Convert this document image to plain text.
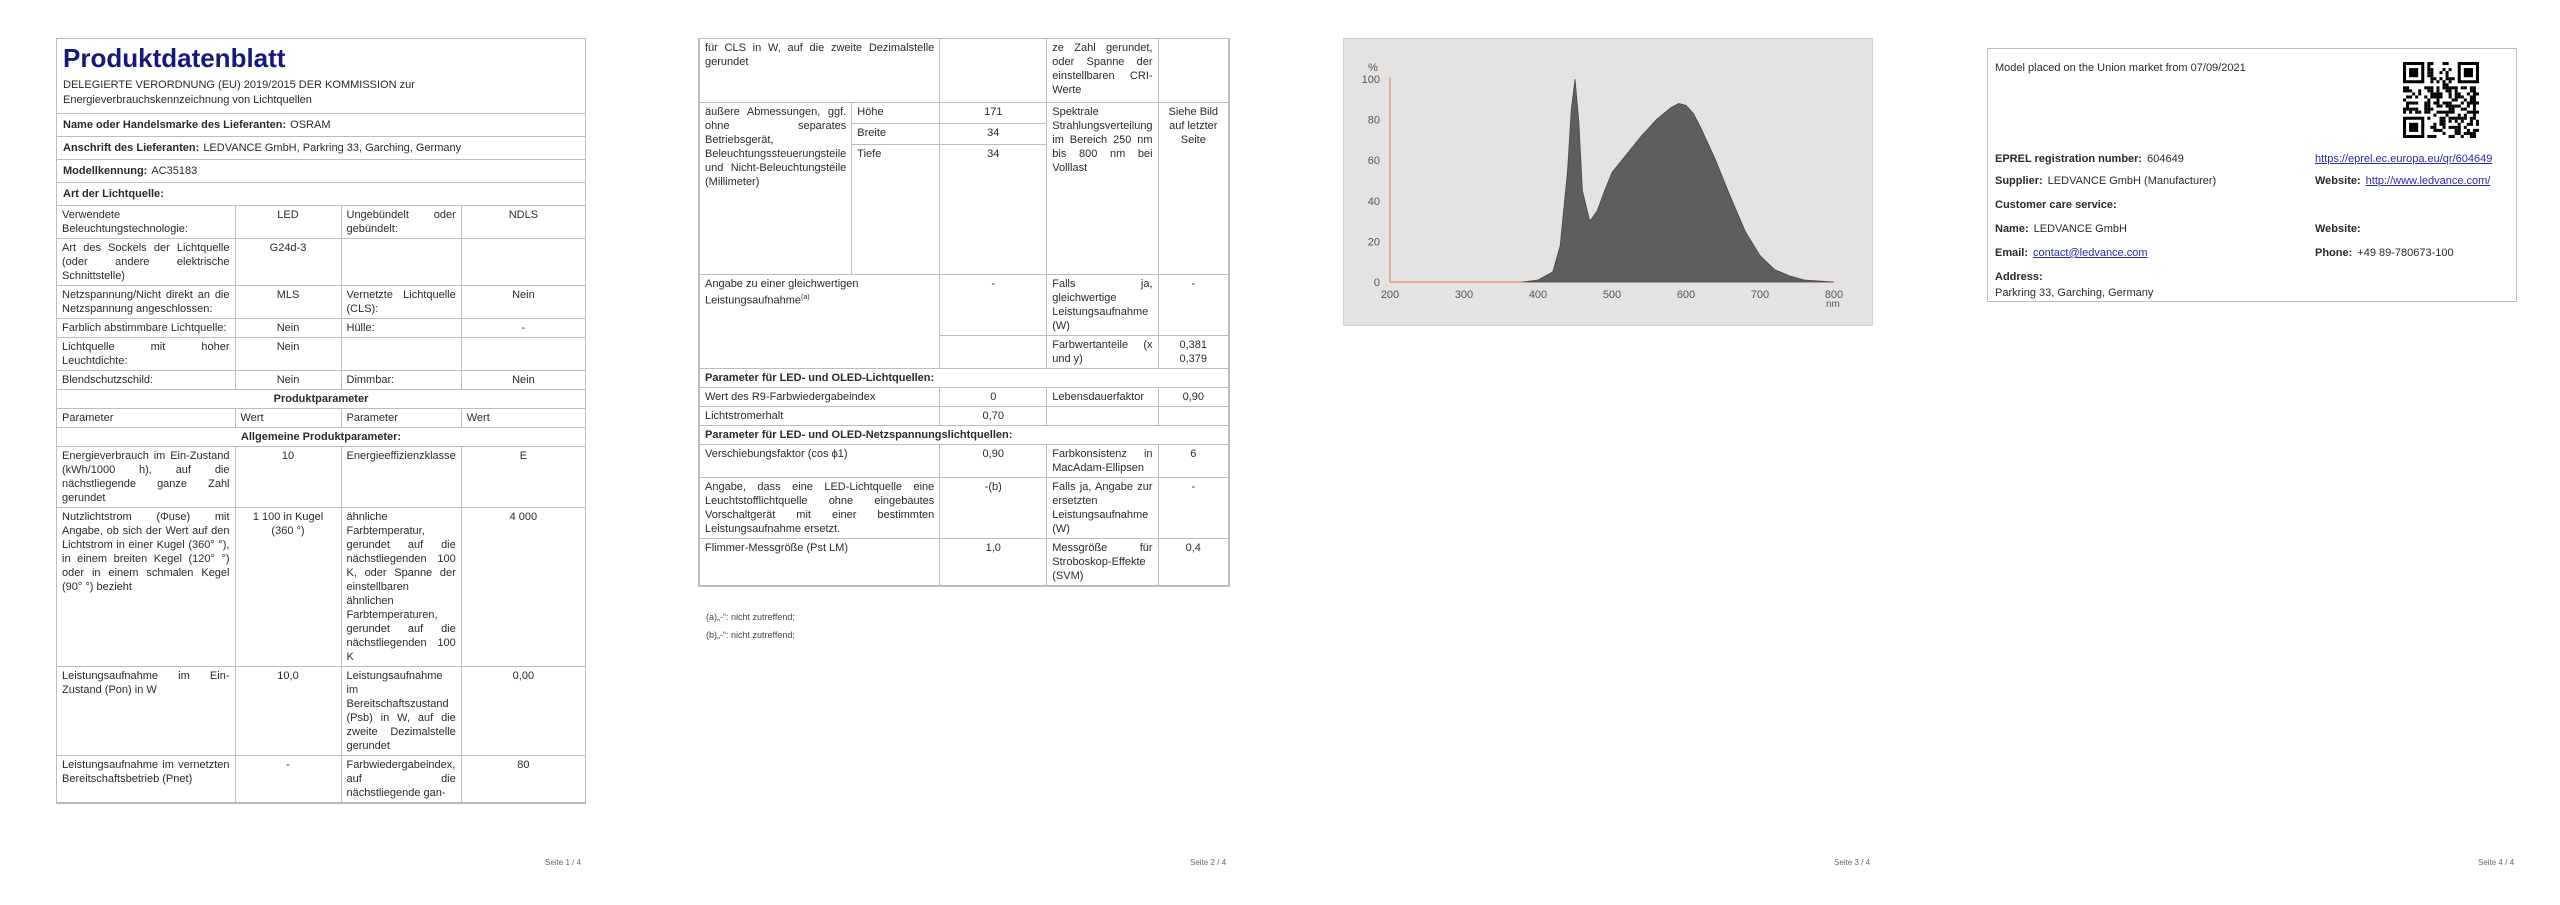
Produktdatenblatt
DELEGIERTE VERORDNUNG (EU) 2019/2015 DER KOMMISSION zur Energieverbrauchskennzeichnung von Lichtquellen
Name oder Handelsmarke des Lieferanten: OSRAM
Anschrift des Lieferanten: LEDVANCE GmbH, Parkring 33, Garching, Germany
Modellkennung: AC35183
Art der Lichtquelle:
Verwendete Beleuchtungstechnologie:	LED	Ungebündelt oder gebündelt:	NDLS
Art des Sockels der Lichtquelle (oder andere elektrische Schnittstelle)	G24d-3		
Netzspannung/Nicht direkt an die Netzspannung angeschlossen:	MLS	Vernetzte Lichtquelle (CLS):	Nein
Farblich abstimmbare Lichtquelle:	Nein	Hülle:	-
Lichtquelle mit hoher Leuchtdichte:	Nein		
Blendschutzschild:	Nein	Dimmbar:	Nein
Produktparameter			
Parameter	Wert	Parameter	Wert
Allgemeine Produktparameter:			
Energieverbrauch im Ein-Zustand (kWh/1000 h), auf die nächstliegende ganze Zahl gerundet	10	Energieeffizienzklasse	E
Nutzlichtstrom (Φuse) mit Angabe, ob sich der Wert auf den Lichtstrom in einer Kugel (360° °), in einem breiten Kegel (120° °) oder in einem schmalen Kegel (90° °) bezieht	1 100 in Kugel (360 °)	ähnliche Farbtemperatur, gerundet auf die nächstliegenden 100 K, oder Spanne der einstellbaren ähnlichen Farbtemperaturen, gerundet auf die nächstliegenden 100 K	4 000
Leistungsaufnahme im Ein-Zustand (Pon) in W	10,0	Leistungsaufnahme im Bereitschaftszustand (Psb) in W, auf die zweite Dezimalstelle gerundet	0,00
Leistungsaufnahme im vernetzten Bereitschaftsbetrieb (Pnet)	-	Farbwiedergabeindex, auf die nächstliegende gan-	80
Seite 1 / 4
für CLS in W, auf die zweite Dezimalstelle gerundet			ze Zahl gerundet, oder Spanne der einstellbaren CRI-Werte	
äußere Abmessungen, ggf. ohne separates Betriebsgerät, Beleuchtungssteuerungsteile und Nicht-Beleuchtungsteile (Millimeter)	Höhe	171	Spektrale Strahlungsverteilung im Bereich 250 nm bis 800 nm bei Volllast	Siehe Bild auf letzter Seite
	Breite	34		
	Tiefe	34		
Angabe zu einer gleichwertigen Leistungsaufnahme$^{(a)}$		-	Falls ja, gleichwertige Leistungsaufnahme (W)	-
			Farbwertanteile (x und y)	0,381 0,379
Parameter für LED- und OLED-Lichtquellen:				
Wert des R9-Farbwiedergabeindex		0	Lebensdauerfaktor	0,90
Lichtstromerhalt		0,70		
Parameter für LED- und OLED-Netzspannungslichtquellen:				
Verschiebungsfaktor (cos ϕ1)		0,90	Farbkonsistenz in MacAdam-Ellipsen	6
Angabe, dass eine LED-Lichtquelle eine Leuchtstofflichtquelle ohne eingebautes Vorschaltgerät mit einer bestimmten Leistungsaufnahme ersetzt.		-(b)	Falls ja, Angabe zur ersetzten Leistungsaufnahme (W)	-
Flimmer-Messgröße (Pst LM)		1,0	Messgröße für Stroboskop-Effekte (SVM)	0,4
(a)„-“: nicht zutreffend;
(b)„-“: nicht zutreffend;
Seite 2 / 4
0
20
40
60
80
100
200	300	400	500	600	700	800
%
nm
Seite 3 / 4
Model placed on the Union market from 07/09/2021
EPREL registration number: 604649	https://eprel.ec.europa.eu/qr/604649
Supplier: LEDVANCE GmbH (Manufacturer)	Website: http://www.ledvance.com/
Customer care service:
Name: LEDVANCE GmbH	Website:
Email: contact@ledvance.com	Phone: +49 89-780673-100
Address:
Parkring 33, Garching, Germany
Seite 4 / 4
